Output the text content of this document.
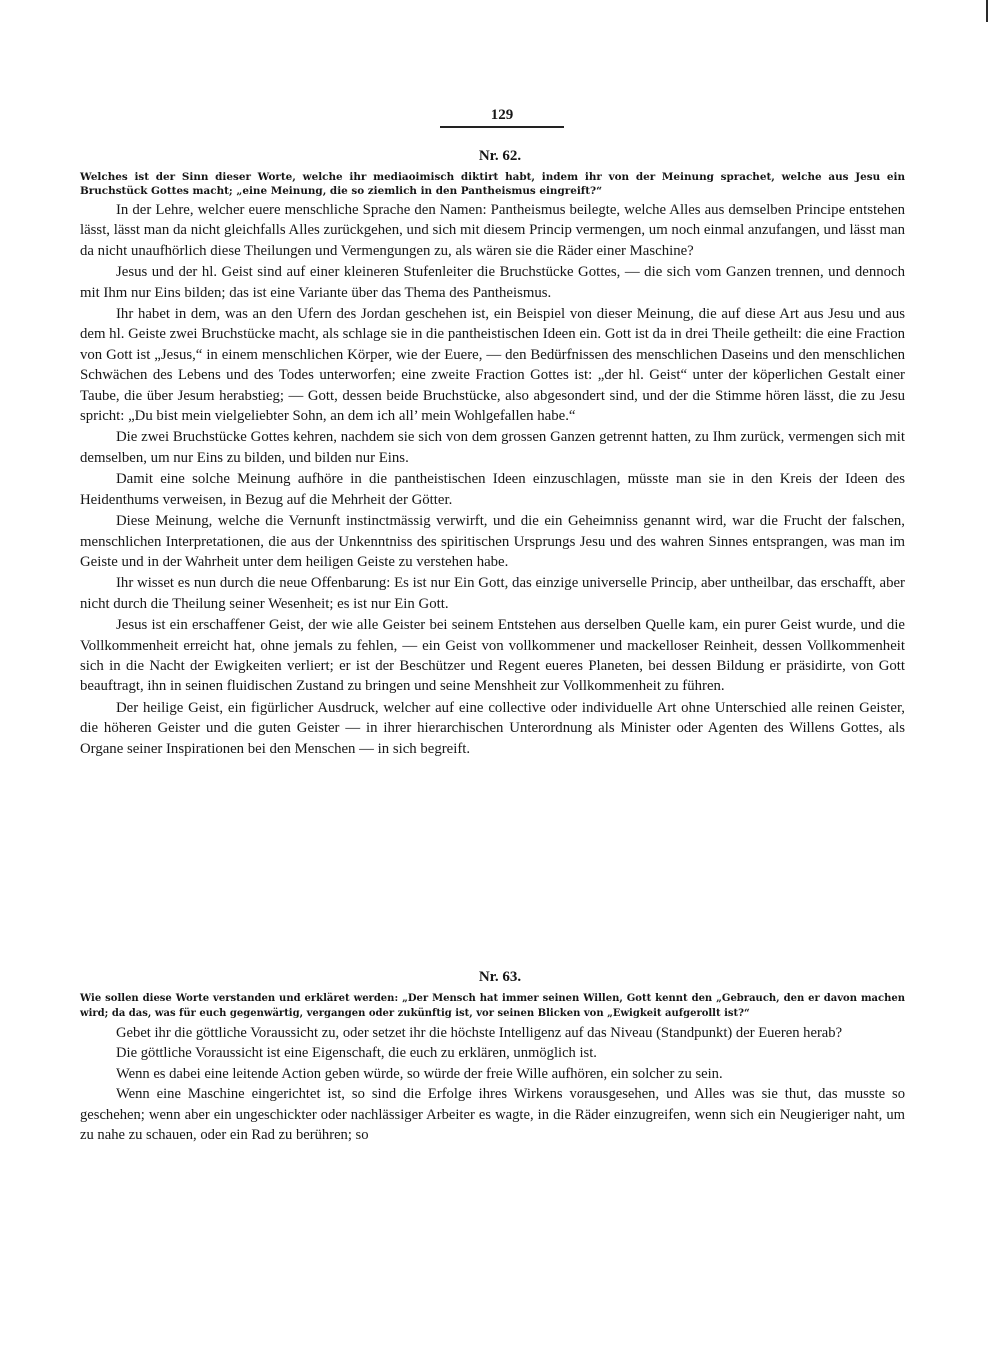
129
Nr. 62.
Welches ist der Sinn dieser Worte, welche ihr mediaoimisch diktirt habt, indem ihr von der Meinung sprachet, welche aus Jesu ein Bruchstück Gottes macht; „eine Meinung, die so ziemlich in den Pantheismus eingreift?“
In der Lehre, welcher euere menschliche Sprache den Namen: Pantheismus beilegte, welche Alles aus demselben Principe entstehen lässt, lässt man da nicht gleichfalls Alles zurückgehen, und sich mit diesem Princip vermengen, um noch einmal anzufangen, und lässt man da nicht unaufhörlich diese Theilungen und Vermengungen zu, als wären sie die Räder einer Maschine?
Jesus und der hl. Geist sind auf einer kleineren Stufenleiter die Bruchstücke Gottes, — die sich vom Ganzen trennen, und dennoch mit Ihm nur Eins bilden; das ist eine Variante über das Thema des Pantheismus.
Ihr habet in dem, was an den Ufern des Jordan geschehen ist, ein Beispiel von dieser Meinung, die auf diese Art aus Jesu und aus dem hl. Geiste zwei Bruchstücke macht, als schlage sie in die pantheistischen Ideen ein. Gott ist da in drei Theile getheilt: die eine Fraction von Gott ist „Jesus,“ in einem menschlichen Körper, wie der Euere, — den Bedürfnissen des menschlichen Daseins und den menschlichen Schwächen des Lebens und des Todes unterworfen; eine zweite Fraction Gottes ist: „der hl. Geist“ unter der köperlichen Gestalt einer Taube, die über Jesum herabstieg; — Gott, dessen beide Bruchstücke, also abgesondert sind, und der die Stimme hören lässt, die zu Jesu spricht: „Du bist mein vielgeliebter Sohn, an dem ich all’ mein Wohlgefallen habe.“
Die zwei Bruchstücke Gottes kehren, nachdem sie sich von dem grossen Ganzen getrennt hatten, zu Ihm zurück, vermengen sich mit demselben, um nur Eins zu bilden, und bilden nur Eins.
Damit eine solche Meinung aufhöre in die pantheistischen Ideen einzuschlagen, müsste man sie in den Kreis der Ideen des Heidenthums verweisen, in Bezug auf die Mehrheit der Götter.
Diese Meinung, welche die Vernunft instinctmässig verwirft, und die ein Geheimniss genannt wird, war die Frucht der falschen, menschlichen Interpretationen, die aus der Unkenntniss des spiritischen Ursprungs Jesu und des wahren Sinnes entsprangen, was man im Geiste und in der Wahrheit unter dem heiligen Geiste zu verstehen habe.
Ihr wisset es nun durch die neue Offenbarung: Es ist nur Ein Gott, das einzige universelle Princip, aber untheilbar, das erschafft, aber nicht durch die Theilung seiner Wesenheit; es ist nur Ein Gott.
Jesus ist ein erschaffener Geist, der wie alle Geister bei seinem Entstehen aus derselben Quelle kam, ein purer Geist wurde, und die Vollkommenheit erreicht hat, ohne jemals zu fehlen, — ein Geist von vollkommener und mackelloser Reinheit, dessen Vollkommenheit sich in die Nacht der Ewigkeiten verliert; er ist der Beschützer und Regent eueres Planeten, bei dessen Bildung er präsidirte, von Gott beauftragt, ihn in seinen fluidischen Zustand zu bringen und seine Menshheit zur Vollkommenheit zu führen.
Der heilige Geist, ein figürlicher Ausdruck, welcher auf eine collective oder individuelle Art ohne Unterschied alle reinen Geister, die höheren Geister und die guten Geister — in ihrer hierarchischen Unterordnung als Minister oder Agenten des Willens Gottes, als Organe seiner Inspirationen bei den Menschen — in sich begreift.
Nr. 63.
Wie sollen diese Worte verstanden und erkläret werden: „Der Mensch hat immer seinen Willen, Gott kennt den „Gebrauch, den er davon machen wird; da das, was für euch gegenwärtig, vergangen oder zukünftig ist, vor seinen Blicken von „Ewigkeit aufgerollt ist?“
Gebet ihr die göttliche Voraussicht zu, oder setzet ihr die höchste Intelligenz auf das Niveau (Standpunkt) der Eueren herab?
Die göttliche Voraussicht ist eine Eigenschaft, die euch zu erklären, unmöglich ist.
Wenn es dabei eine leitende Action geben würde, so würde der freie Wille aufhören, ein solcher zu sein.
Wenn eine Maschine eingerichtet ist, so sind die Erfolge ihres Wirkens vorausgesehen, und Alles was sie thut, das musste so geschehen; wenn aber ein ungeschickter oder nachlässiger Arbeiter es wagte, in die Räder einzugreifen, wenn sich ein Neugieriger naht, um zu nahe zu schauen, oder ein Rad zu berühren; so
